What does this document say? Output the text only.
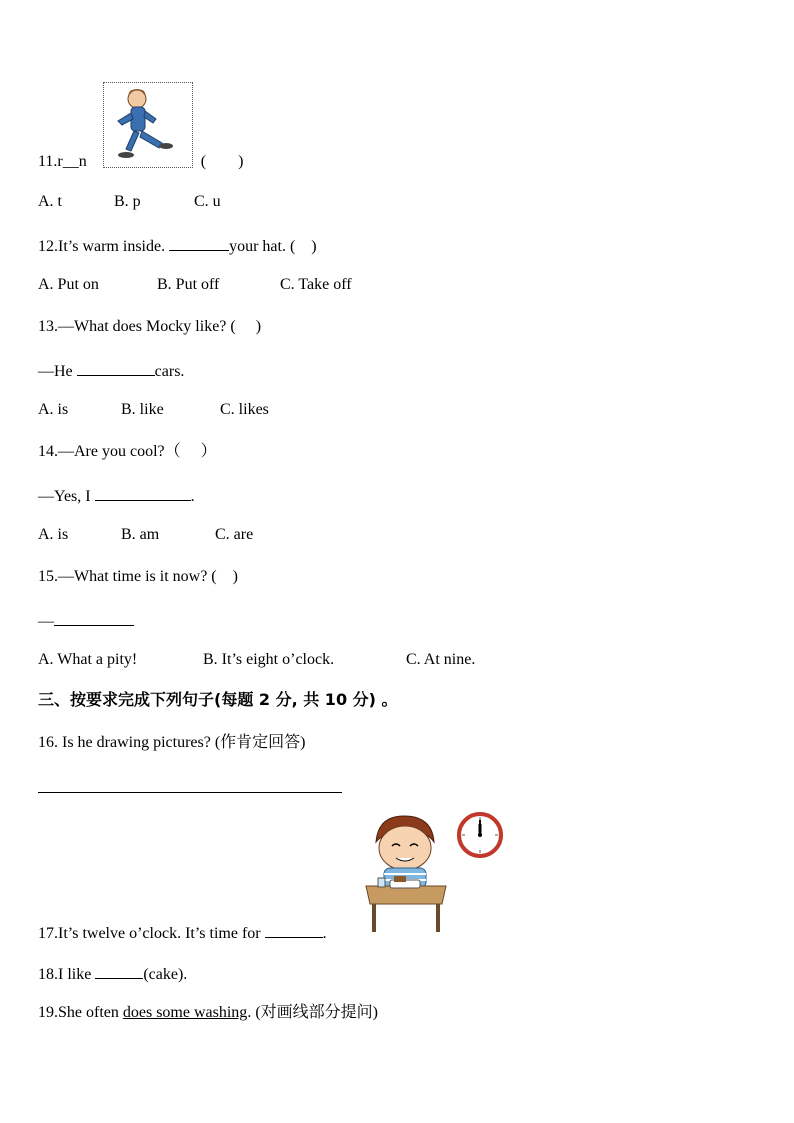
11.r__n	(　　)
A. t	B. p	C. u
12.It’s warm inside.	your hat. (　)
A. Put on	B. Put off	C. Take off
13.—What does Mocky like? (　 )
—He	cars.
A. is	B. like	C. likes
14.—Are you cool?（　 ）
—Yes, I	.
A. is	B. am	C. are
15.—What time is it now? (　)
—
A. What a pity!	B. It’s eight o’clock.	C. At nine.
三、按要求完成下列句子(每题 2 分, 共 10 分) 。
16. Is he drawing pictures? (作肯定回答)
17.It’s twelve o’clock. It’s time for	.
18.I like	(cake).
19.She often does some washing. (对画线部分提问)
